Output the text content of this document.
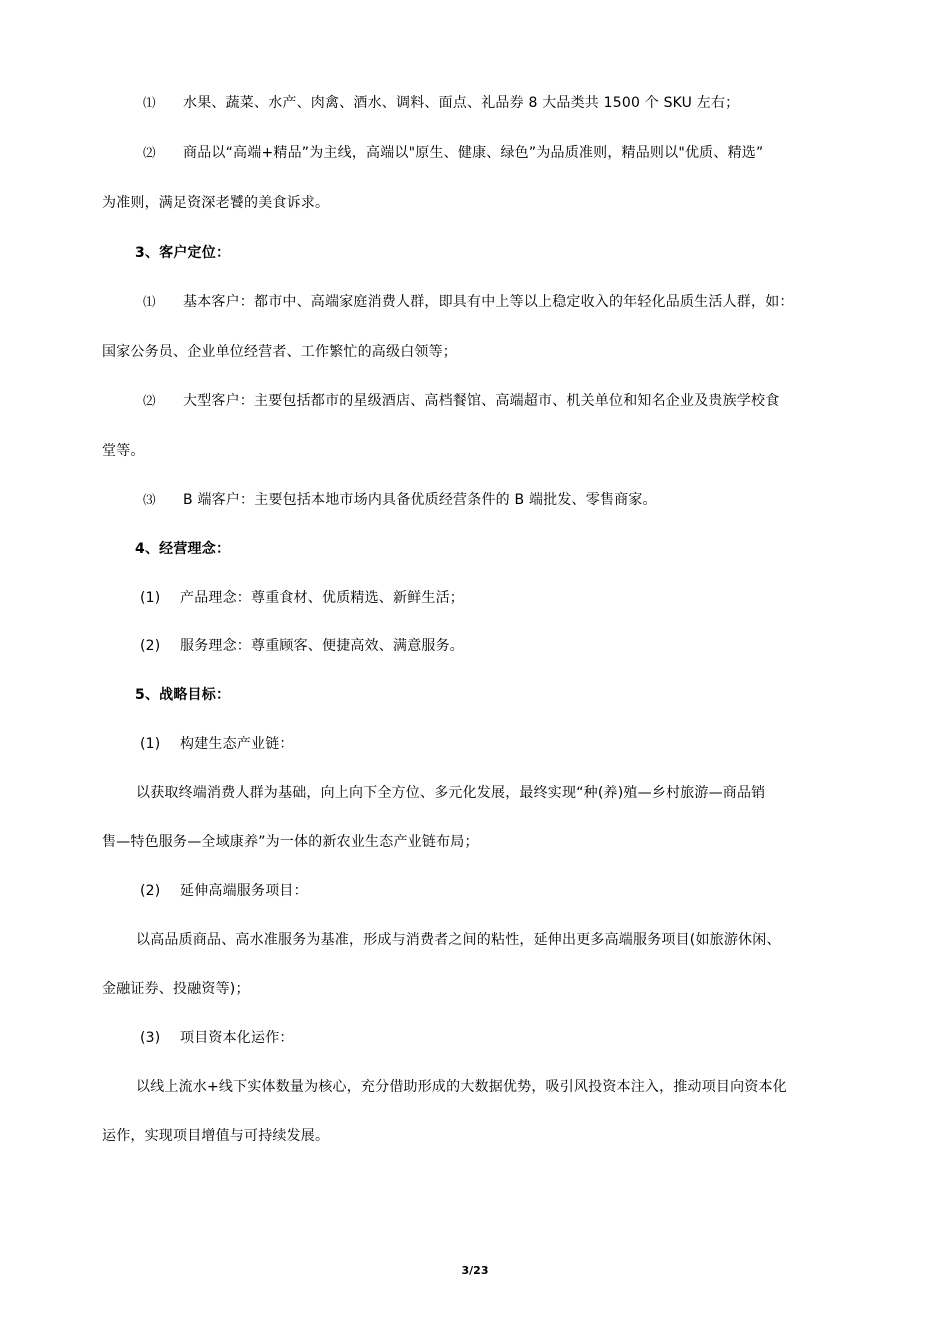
⑴ 水果、蔬菜、水产、肉禽、酒水、调料、面点、礼品券 8 大品类共 1500 个 SKU 左右；
⑵ 商品以“高端+精品”为主线，高端以"原生、健康、绿色”为品质准则，精品则以"优质、精选”
为准则，满足资深老饕的美食诉求。
3、客户定位：
⑴ 基本客户：都市中、高端家庭消费人群，即具有中上等以上稳定收入的年轻化品质生活人群，如：
国家公务员、企业单位经营者、工作繁忙的高级白领等；
⑵ 大型客户：主要包括都市的星级酒店、高档餐馆、高端超市、机关单位和知名企业及贵族学校食
堂等。
⑶ B 端客户：主要包括本地市场内具备优质经营条件的 B 端批发、零售商家。
4、经营理念：
(1) 产品理念：尊重食材、优质精选、新鲜生活；
(2) 服务理念：尊重顾客、便捷高效、满意服务。
5、战略目标：
(1) 构建生态产业链：
以获取终端消费人群为基础，向上向下全方位、多元化发展，最终实现“种(养)殖—乡村旅游—商品销
售—特色服务—全域康养”为一体的新农业生态产业链布局；
(2) 延伸高端服务项目：
以高品质商品、高水准服务为基准，形成与消费者之间的粘性，延伸出更多高端服务项目(如旅游休闲、
金融证券、投融资等)；
(3) 项目资本化运作：
以线上流水+线下实体数量为核心，充分借助形成的大数据优势，吸引风投资本注入，推动项目向资本化
运作，实现项目增值与可持续发展。
3/23
